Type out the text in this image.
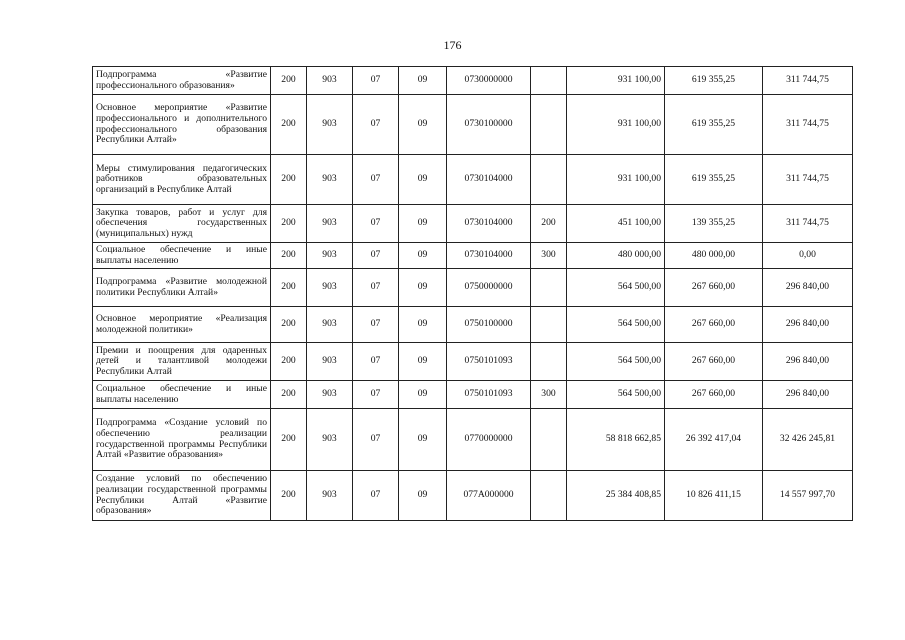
176
Подпрограмма «Развитие профессионального образования»	200	903	07	09	0730000000		931 100,00	619 355,25	311 744,75
Основное мероприятие «Развитие профессионального и дополнительного профессионального образования Республики Алтай»	200	903	07	09	0730100000		931 100,00	619 355,25	311 744,75
Меры стимулирования педагогических работников образовательных организаций в Республике Алтай	200	903	07	09	0730104000		931 100,00	619 355,25	311 744,75
Закупка товаров, работ и услуг для обеспечения государственных (муниципальных) нужд	200	903	07	09	0730104000	200	451 100,00	139 355,25	311 744,75
Социальное обеспечение и иные выплаты населению	200	903	07	09	0730104000	300	480 000,00	480 000,00	0,00
Подпрограмма «Развитие молодежной политики Республики Алтай»	200	903	07	09	0750000000		564 500,00	267 660,00	296 840,00
Основное мероприятие «Реализация молодежной политики»	200	903	07	09	0750100000		564 500,00	267 660,00	296 840,00
Премии и поощрения для одаренных детей и талантливой молодежи Республики Алтай	200	903	07	09	0750101093		564 500,00	267 660,00	296 840,00
Социальное обеспечение и иные выплаты населению	200	903	07	09	0750101093	300	564 500,00	267 660,00	296 840,00
Подпрограмма «Создание условий по обеспечению реализации государственной программы Республики Алтай «Развитие образования»	200	903	07	09	0770000000		58 818 662,85	26 392 417,04	32 426 245,81
Создание условий по обеспечению реализации государственной программы Республики Алтай «Развитие образования»	200	903	07	09	077A000000		25 384 408,85	10 826 411,15	14 557 997,70
